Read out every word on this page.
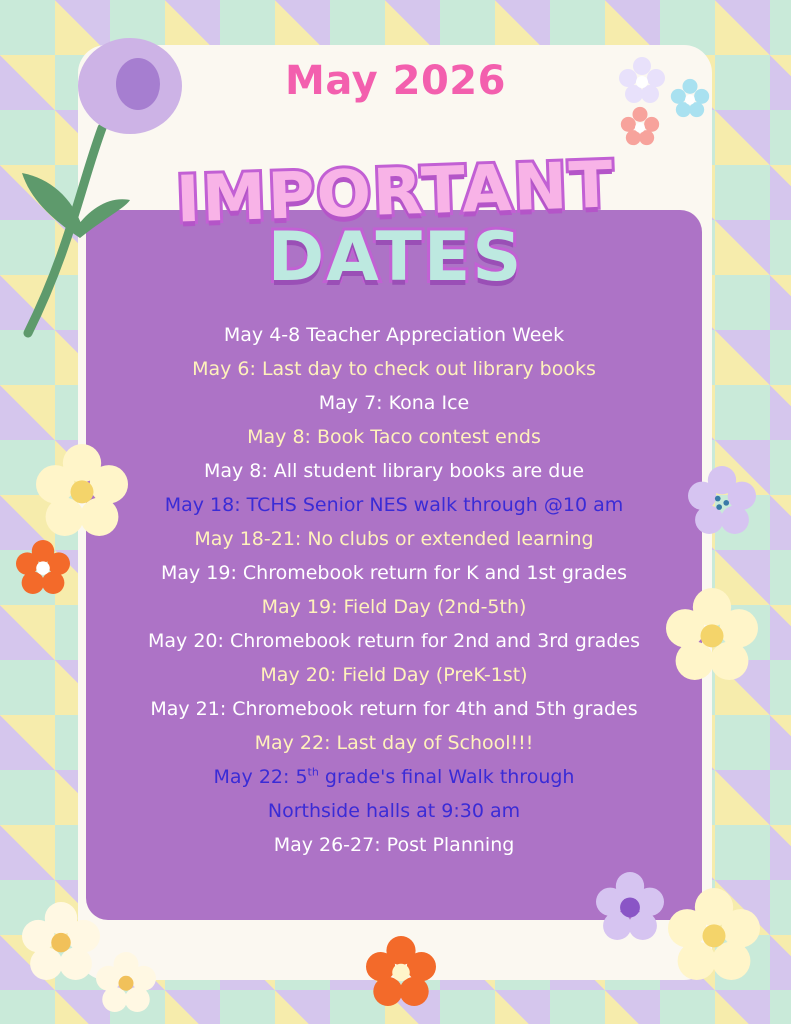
May 2026
IMPORTANT
DATES
May 4-8 Teacher Appreciation Week
May 6: Last day to check out library books
May 7: Kona Ice
May 8: Book Taco contest ends
May 8: All student library books are due
May 18: TCHS Senior NES walk through @10 am
May 18-21: No clubs or extended learning
May 19: Chromebook return for K and 1st grades
May 19: Field Day (2nd-5th)
May 20: Chromebook return for 2nd and 3rd grades
May 20: Field Day (PreK-1st)
May 21: Chromebook return for 4th and 5th grades
May 22: Last day of School!!!
May 22: 5th grade's final Walk through
Northside halls at 9:30 am
May 26-27: Post Planning
